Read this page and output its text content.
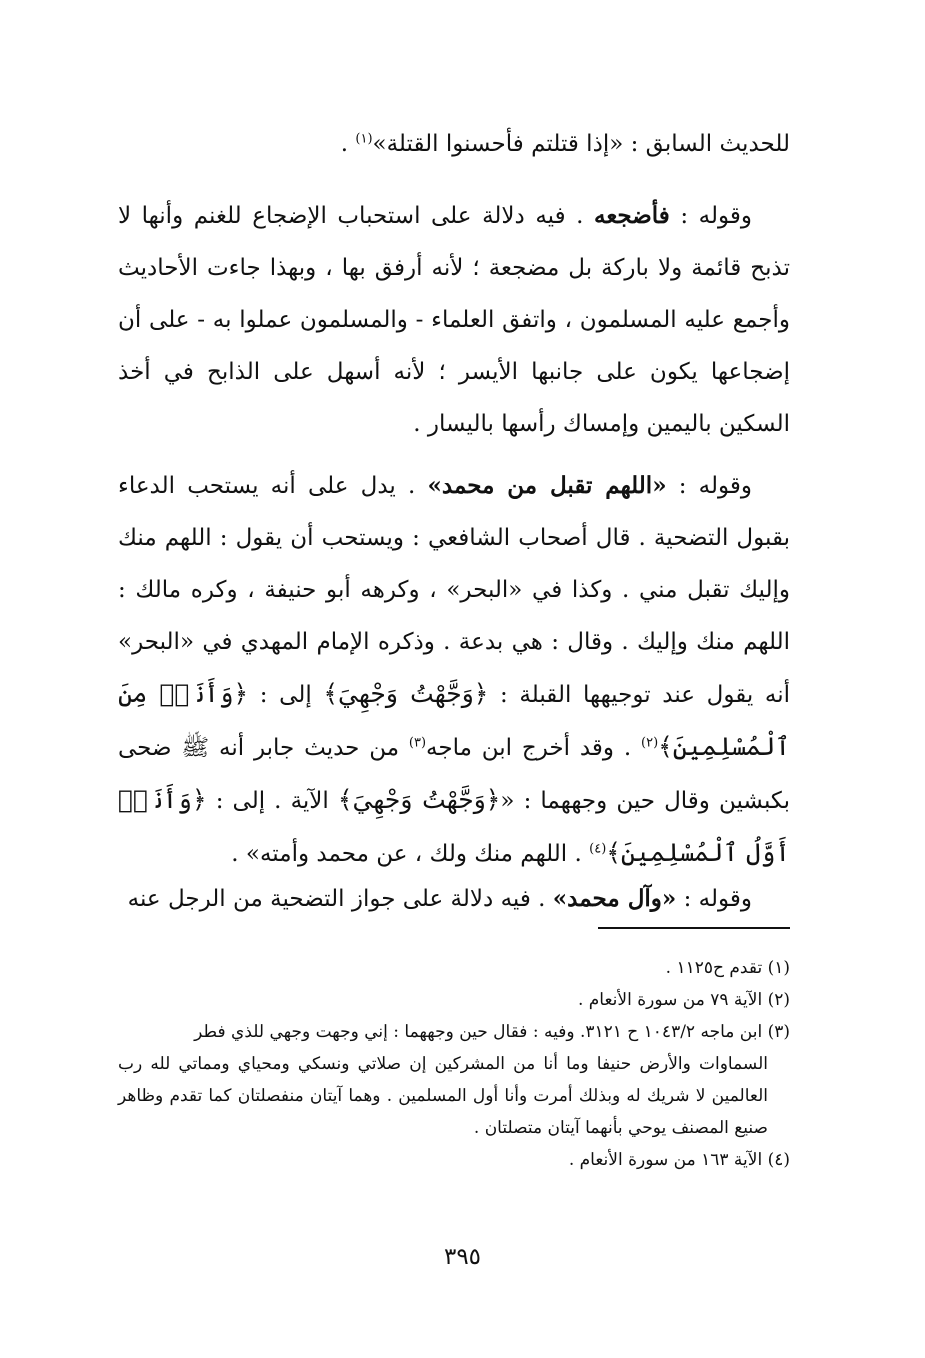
للحديث السابق : «إذا قتلتم فأحسنوا القتلة»$^{(١)}$ .

وقوله : فأضجعه . فيه دلالة على استحباب الإضجاع للغنم وأنها لا تذبح قائمة ولا باركة بل مضجعة ؛ لأنه أرفق بها ، وبهذا جاءت الأحاديث وأجمع عليه المسلمون ، واتفق العلماء - والمسلمون عملوا به - على أن إضجاعها يكون على جانبها الأيسر ؛ لأنه أسهل على الذابح في أخذ السكين باليمين وإمساك رأسها باليسار .

وقوله : «اللهم تقبل من محمد» . يدل على أنه يستحب الدعاء بقبول التضحية . قال أصحاب الشافعي : ويستحب أن يقول : اللهم منك وإليك تقبل مني . وكذا في «البحر» ، وكرهه أبو حنيفة ، وكره مالك : اللهم منك وإليك . وقال : هي بدعة . وذكره الإمام المهدي في «البحر» أنه يقول عند توجيهها القبلة : ﴿وَجَّهْتُ وَجْهِيَ﴾ إلى : ﴿وَأَنَا۠ مِنَ ٱلْمُسْلِمِينَ﴾$^{(٢)}$ . وقد أخرج ابن ماجه$^{(٣)}$ من حديث جابر أنه ﷺ ضحى بكبشين وقال حين وجههما : «﴿وَجَّهْتُ وَجْهِيَ﴾ الآية . إلى : ﴿وَأَنَا۠ أَوَّلُ ٱلْمُسْلِمِينَ﴾$^{(٤)}$ . اللهم منك ولك ، عن محمد وأمته» .

وقوله : «وآل محمد» . فيه دلالة على جواز التضحية من الرجل عنه

(١) تقدم ح١١٢٥ .

(٢) الآية ٧٩ من سورة الأنعام .

(٣) ابن ماجه ١٠٤٣/٢ ح ٣١٢١. وفيه : فقال حين وجههما : إني وجهت وجهي للذي فطر

السماوات والأرض حنيفا وما أنا من المشركين إن صلاتي ونسكي ومحياي ومماتي لله رب العالمين لا شريك له وبذلك أمرت وأنا أول المسلمين . وهما آيتان منفصلتان كما تقدم وظاهر صنيع المصنف يوحي بأنهما آيتان متصلتان .

(٤) الآية ١٦٣ من سورة الأنعام .

٣٩٥
